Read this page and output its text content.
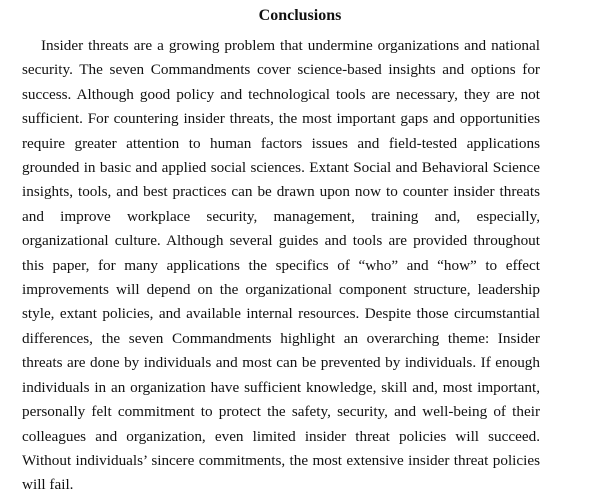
Conclusions

Insider threats are a growing problem that undermine organizations and national security. The seven Commandments cover science-based insights and options for success. Although good policy and technological tools are necessary, they are not sufficient. For countering insider threats, the most important gaps and opportunities require greater attention to human factors issues and field-tested applications grounded in basic and applied social sciences. Extant Social and Behavioral Science insights, tools, and best practices can be drawn upon now to counter insider threats and improve workplace security, management, training and, especially, organizational culture. Although several guides and tools are provided throughout this paper, for many applications the specifics of “who” and “how” to effect improvements will depend on the organizational component structure, leadership style, extant policies, and available internal resources. Despite those circumstantial differences, the seven Commandments highlight an overarching theme: Insider threats are done by individuals and most can be prevented by individuals. If enough individuals in an organization have sufficient knowledge, skill and, most important, personally felt commitment to protect the safety, security, and well-being of their colleagues and organization, even limited insider threat policies will succeed. Without individuals’ sincere commitments, the most extensive insider threat policies will fail.
